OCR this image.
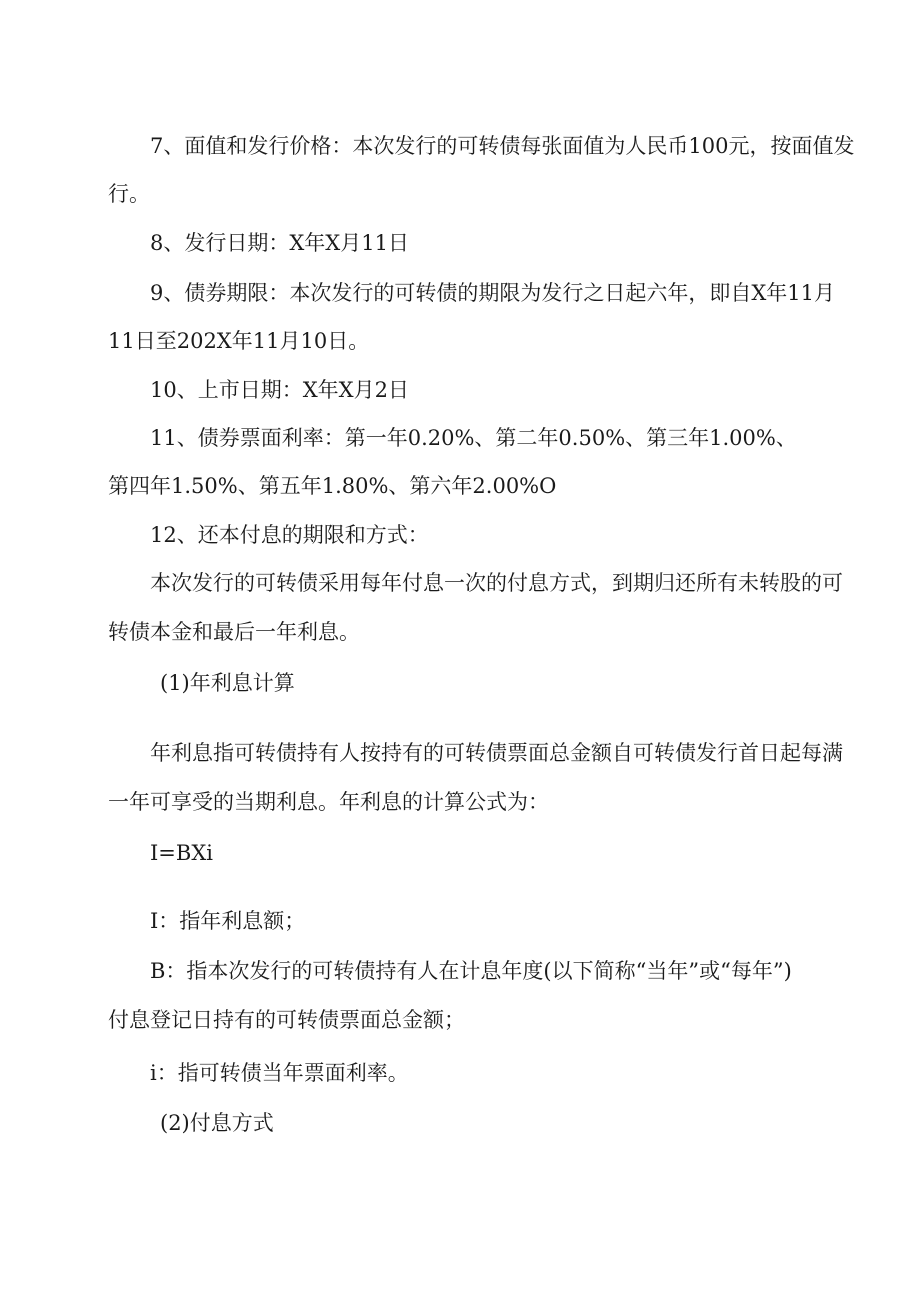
7、面值和发行价格：本次发行的可转债每张面值为人民币100元，按面值发

行。

8、发行日期：X年X月11日

9、债券期限：本次发行的可转债的期限为发行之日起六年，即自X年11月

11日至202X年11月10日。

10、上市日期：X年X月2日

11、债券票面利率：第一年0.20%、第二年0.50%、第三年1.00%、

第四年1.50%、第五年1.80%、第六年2.00%O

12、还本付息的期限和方式：

本次发行的可转债采用每年付息一次的付息方式，到期归还所有未转股的可

转债本金和最后一年利息。

(1)年利息计算

年利息指可转债持有人按持有的可转债票面总金额自可转债发行首日起每满

一年可享受的当期利息。年利息的计算公式为：

I=BXi

I：指年利息额；

B：指本次发行的可转债持有人在计息年度(以下简称“当年”或“每年”)

付息登记日持有的可转债票面总金额；

i：指可转债当年票面利率。

(2)付息方式
